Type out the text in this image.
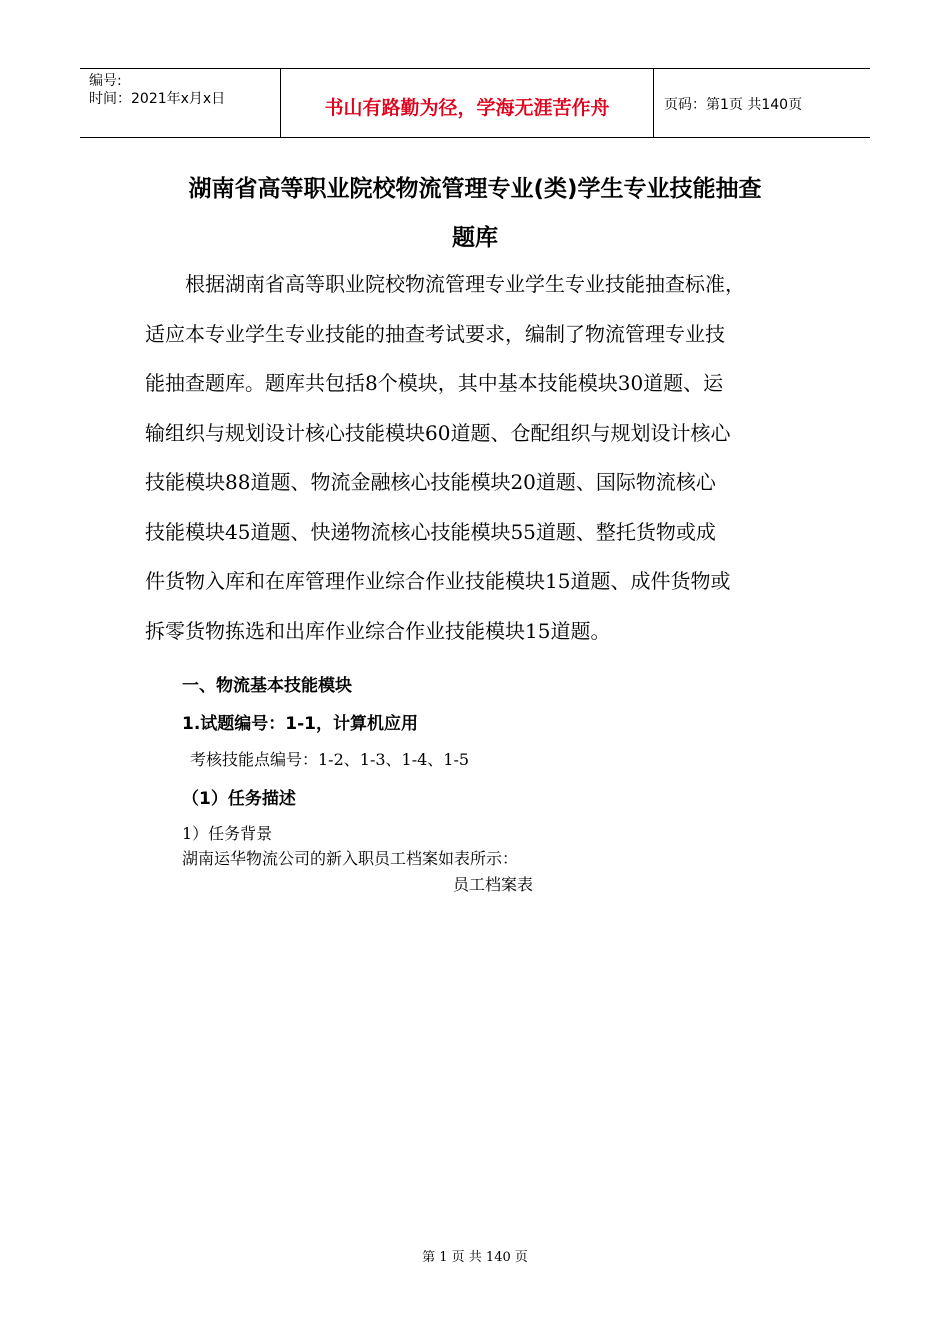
编号:
时间：2021年x月x日	书山有路勤为径，学海无涯苦作舟	页码：第1页 共140页
湖南省高等职业院校物流管理专业(类)学生专业技能抽查
题库
　　根据湖南省高等职业院校物流管理专业学生专业技能抽查标准，
适应本专业学生专业技能的抽查考试要求，编制了物流管理专业技
能抽查题库。题库共包括8个模块，其中基本技能模块30道题、运
输组织与规划设计核心技能模块60道题、仓配组织与规划设计核心
技能模块88道题、物流金融核心技能模块20道题、国际物流核心
技能模块45道题、快递物流核心技能模块55道题、整托货物或成
件货物入库和在库管理作业综合作业技能模块15道题、成件货物或
拆零货物拣选和出库作业综合作业技能模块15道题。
一、物流基本技能模块
1.试题编号：1-1，计算机应用
考核技能点编号：1-2、1-3、1-4、1-5
（1）任务描述
1）任务背景
湖南运华物流公司的新入职员工档案如表所示：
员工档案表
第 1 页 共 140 页
